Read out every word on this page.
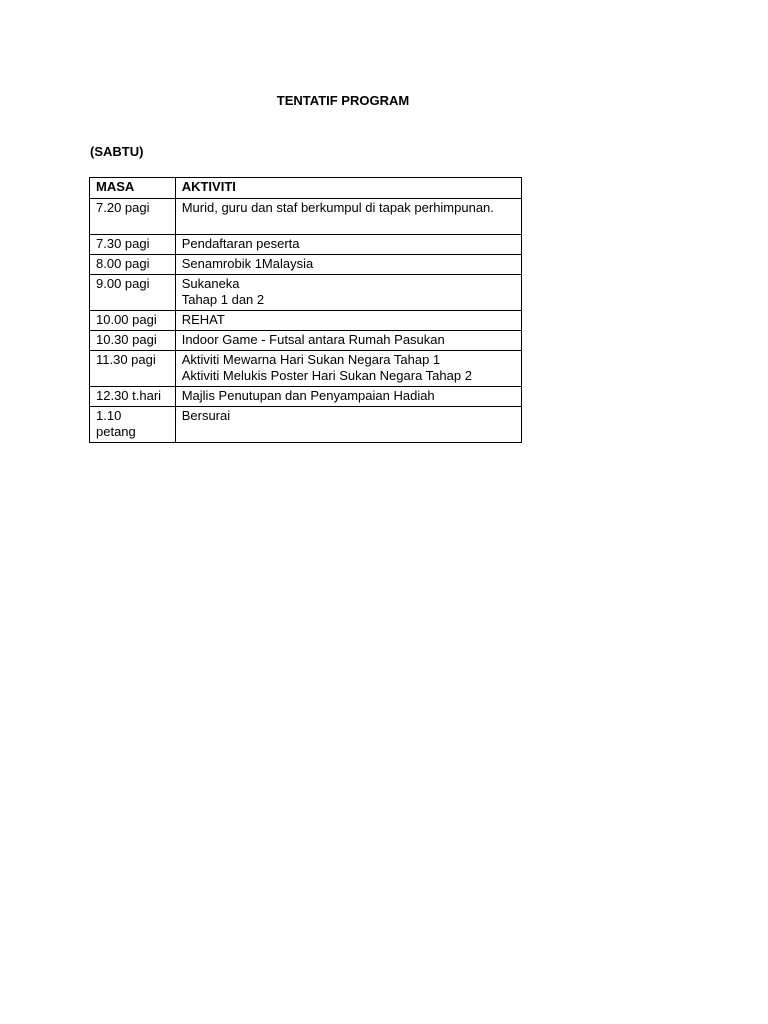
TENTATIF PROGRAM

(SABTU)

MASA	AKTIVITI

7.20 pagi	Murid, guru dan staf berkumpul di tapak perhimpunan.

7.30 pagi	Pendaftaran peserta

8.00 pagi	Senamrobik 1Malaysia

9.00 pagi	Sukaneka
Tahap 1 dan 2

10.00 pagi	REHAT

10.30 pagi	Indoor Game - Futsal antara Rumah Pasukan

11.30 pagi	Aktiviti Mewarna Hari Sukan Negara Tahap 1
Aktiviti Melukis Poster Hari Sukan Negara Tahap 2

12.30 t.hari	Majlis Penutupan dan Penyampaian Hadiah

1.10
petang	Bersurai
